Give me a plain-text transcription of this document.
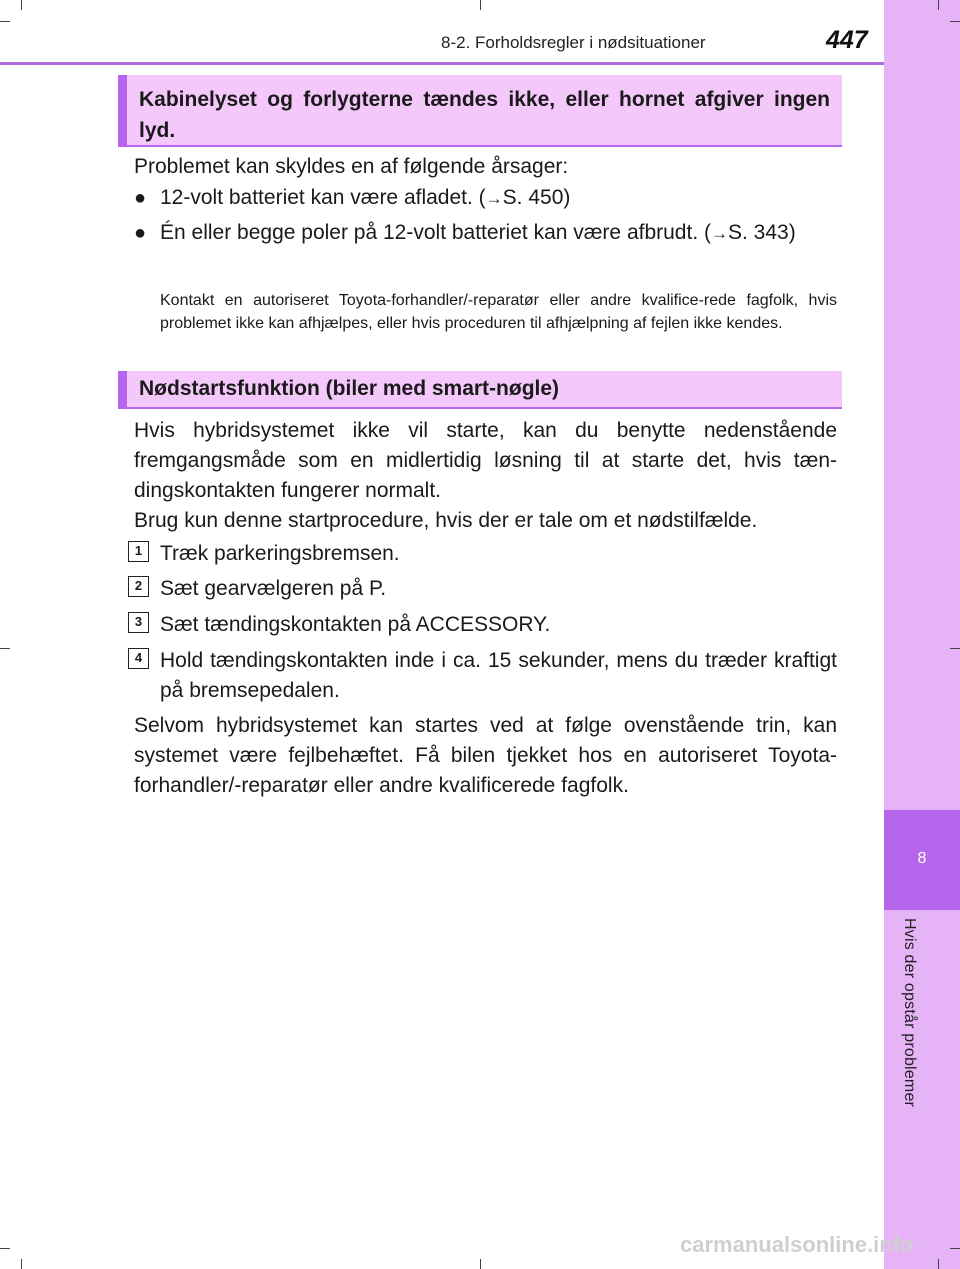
8
Hvis der opstår problemer
8-2. Forholdsregler i nødsituationer	447
Kabinelyset og forlygterne tændes ikke, eller hornet afgiver ingen lyd.
Problemet kan skyldes en af følgende årsager:
● 12-volt batteriet kan være afladet. (→S. 450)
● Én eller begge poler på 12-volt batteriet kan være afbrudt. (→S. 343)
Kontakt en autoriseret Toyota-forhandler/-reparatør eller andre kvalifice-rede fagfolk, hvis problemet ikke kan afhjælpes, eller hvis proceduren til afhjælpning af fejlen ikke kendes.
Nødstartsfunktion (biler med smart-nøgle)
Hvis hybridsystemet ikke vil starte, kan du benytte nedenstående fremgangsmåde som en midlertidig løsning til at starte det, hvis tæn-dingskontakten fungerer normalt.
Brug kun denne startprocedure, hvis der er tale om et nødstilfælde.
1 Træk parkeringsbremsen.
2 Sæt gearvælgeren på P.
3 Sæt tændingskontakten på ACCESSORY.
4 Hold tændingskontakten inde i ca. 15 sekunder, mens du træder kraftigt på bremsepedalen.
Selvom hybridsystemet kan startes ved at følge ovenstående trin, kan systemet være fejlbehæftet. Få bilen tjekket hos en autoriseret Toyota-forhandler/-reparatør eller andre kvalificerede fagfolk.
carmanualsonline.info
